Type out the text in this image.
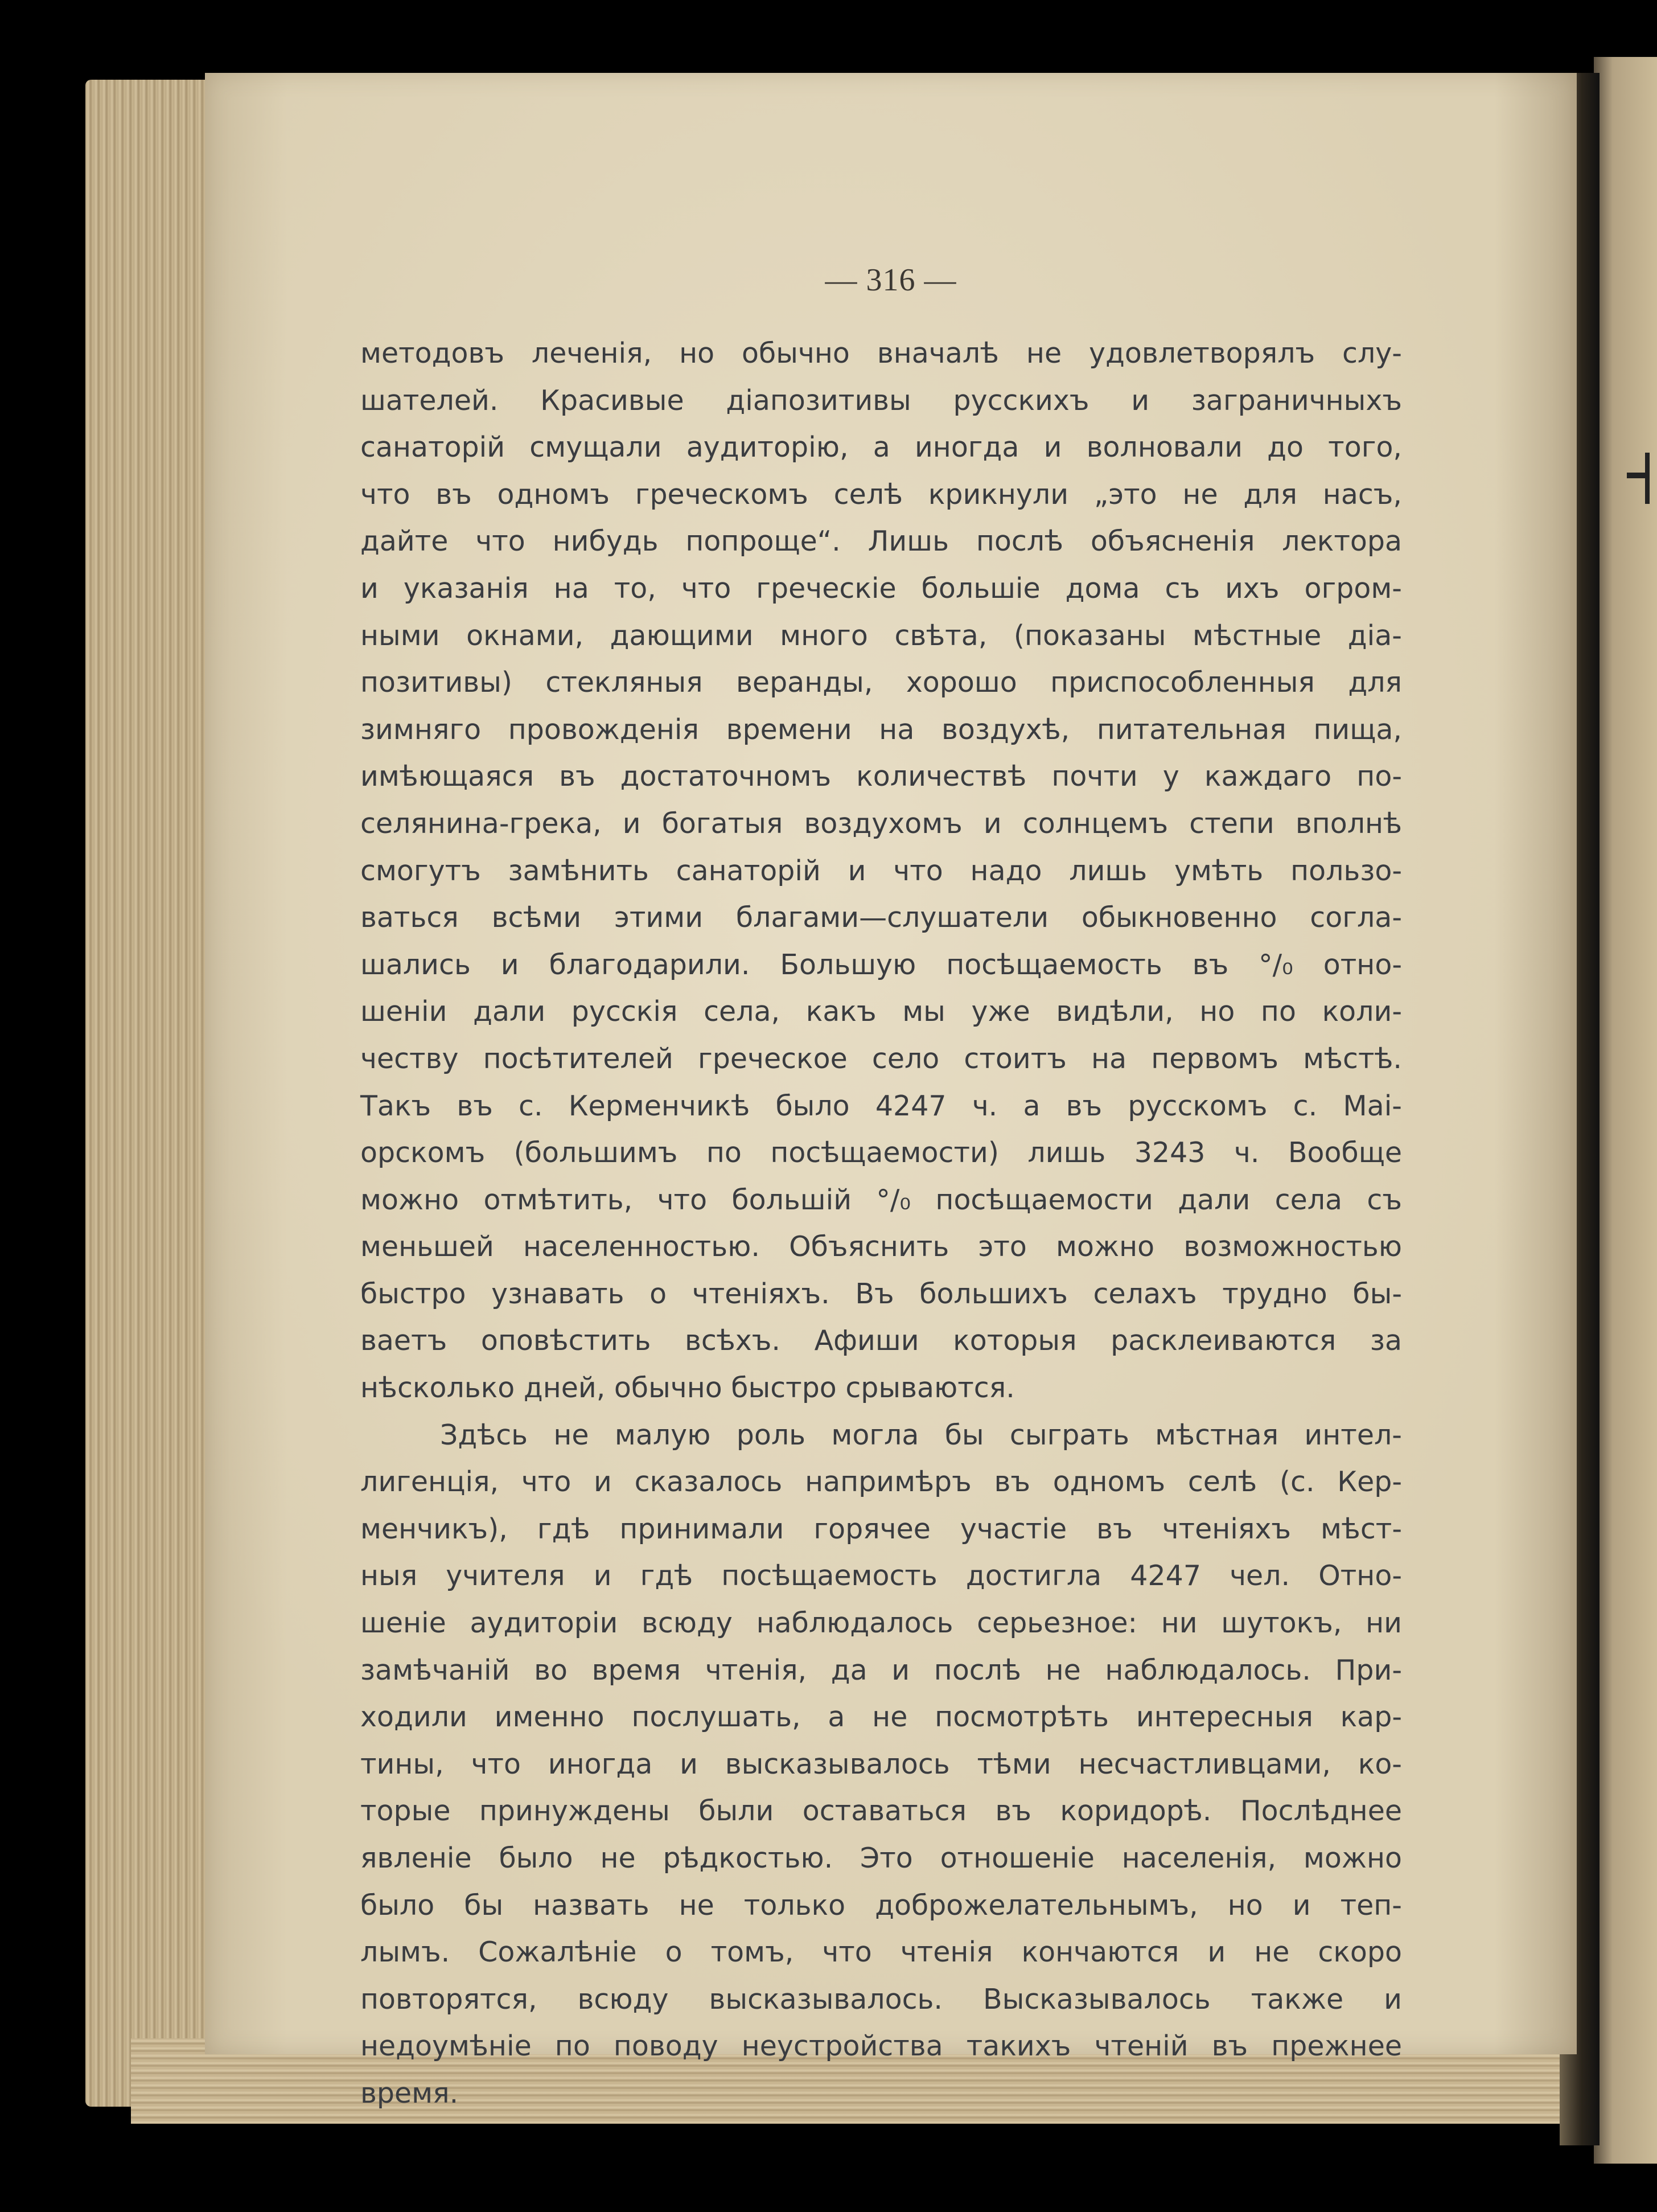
— 316 —
методовъ леченія, но обычно вначалѣ не удовлетворялъ слу-
шателей. Красивые діапозитивы русскихъ и заграничныхъ
санаторій смущали аудиторію, а иногда и волновали до того,
что въ одномъ греческомъ селѣ крикнули „это не для насъ,
дайте что нибудь попроще“. Лишь послѣ объясненія лектора
и указанія на то, что греческіе большіе дома съ ихъ огром-
ными окнами, дающими много свѣта, (показаны мѣстные діа-
позитивы) стекляныя веранды, хорошо приспособленныя для
зимняго провожденія времени на воздухѣ, питательная пища,
имѣющаяся въ достаточномъ количествѣ почти у каждаго по-
селянина-грека, и богатыя воздухомъ и солнцемъ степи вполнѣ
смогутъ замѣнить санаторій и что надо лишь умѣть пользо-
ваться всѣми этими благами—слушатели обыкновенно согла-
шались и благодарили. Большую посѣщаемость въ °/₀ отно-
шеніи дали русскія села, какъ мы уже видѣли, но по коли-
честву посѣтителей греческое село стоитъ на первомъ мѣстѣ.
Такъ въ с. Керменчикѣ было 4247 ч. а въ русскомъ с. Маі-
орскомъ (большимъ по посѣщаемости) лишь 3243 ч. Вообще
можно отмѣтить, что большій °/₀ посѣщаемости дали села съ
меньшей населенностью. Объяснить это можно возможностью
быстро узнавать о чтеніяхъ. Въ большихъ селахъ трудно бы-
ваетъ оповѣстить всѣхъ. Афиши которыя расклеиваются за
нѣсколько дней, обычно быстро срываются.
Здѣсь не малую роль могла бы сыграть мѣстная интел-
лигенція, что и сказалось напримѣръ въ одномъ селѣ (с. Кер-
менчикъ), гдѣ принимали горячее участіе въ чтеніяхъ мѣст-
ныя учителя и гдѣ посѣщаемость достигла 4247 чел. Отно-
шеніе аудиторіи всюду наблюдалось серьезное: ни шутокъ, ни
замѣчаній во время чтенія, да и послѣ не наблюдалось. При-
ходили именно послушать, а не посмотрѣть интересныя кар-
тины, что иногда и высказывалось тѣми несчастливцами, ко-
торые принуждены были оставаться въ коридорѣ. Послѣднее
явленіе было не рѣдкостью. Это отношеніе населенія, можно
было бы назвать не только доброжелательнымъ, но и теп-
лымъ. Сожалѣніе о томъ, что чтенія кончаются и не скоро
повторятся, всюду высказывалось. Высказывалось также и
недоумѣніе по поводу неустройства такихъ чтеній въ прежнее
время.
